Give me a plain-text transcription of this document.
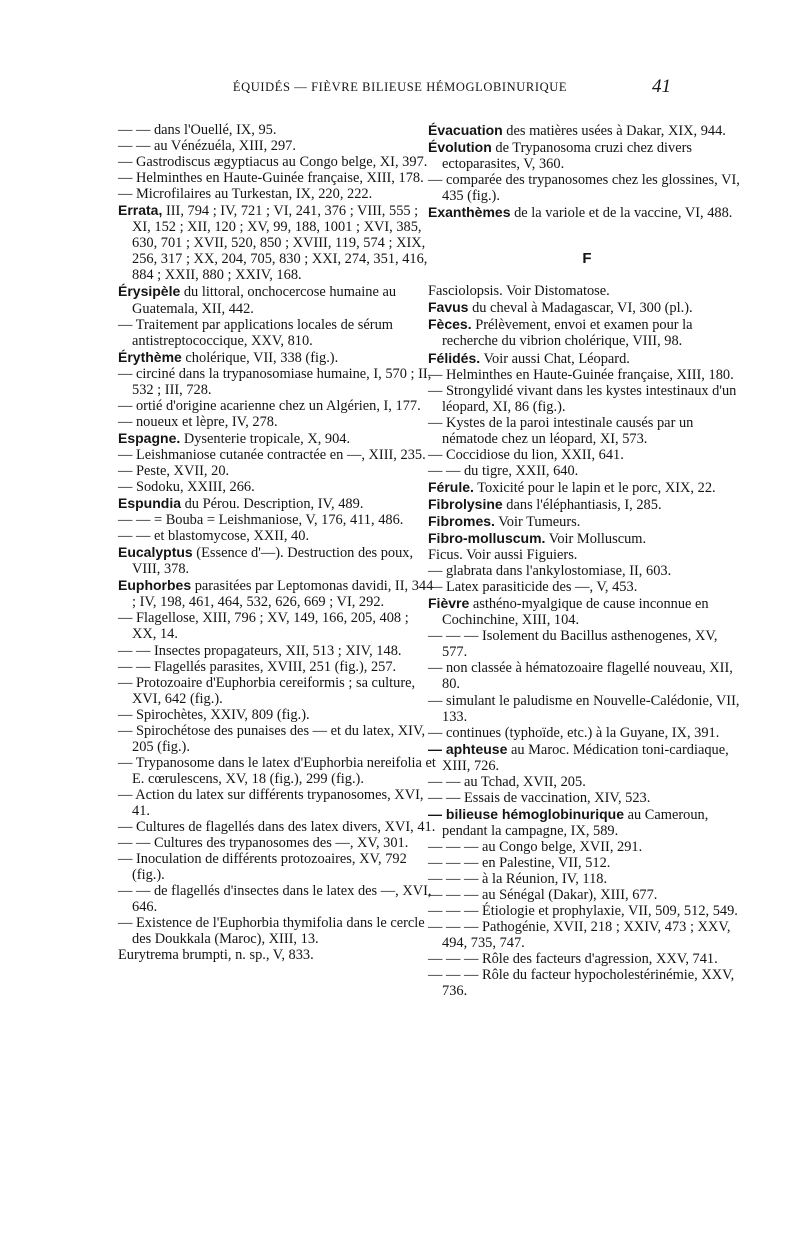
ÉQUIDÉS — FIÈVRE BILIEUSE HÉMOGLOBINURIQUE	41
— — dans l'Ouellé, IX, 95.
— — au Vénézuéla, XIII, 297.
— Gastrodiscus ægyptiacus au Congo belge, XI, 397.
— Helminthes en Haute-Guinée française, XIII, 178.
— Microfilaires au Turkestan, IX, 220, 222.
Errata, III, 794 ; IV, 721 ; VI, 241, 376 ; VIII, 555 ; XI, 152 ; XII, 120 ; XV, 99, 188, 1001 ; XVI, 385, 630, 701 ; XVII, 520, 850 ; XVIII, 119, 574 ; XIX, 256, 317 ; XX, 204, 705, 830 ; XXI, 274, 351, 416, 884 ; XXII, 880 ; XXIV, 168.
Érysipèle du littoral, onchocercose humaine au Guatemala, XII, 442.
— Traitement par applications locales de sérum antistreptococcique, XXV, 810.
Érythème cholérique, VII, 338 (fig.).
— circiné dans la trypanosomiase humaine, I, 570 ; II, 532 ; III, 728.
— ortié d'origine acarienne chez un Algérien, I, 177.
— noueux et lèpre, IV, 278.
Espagne. Dysenterie tropicale, X, 904.
— Leishmaniose cutanée contractée en —, XIII, 235.
— Peste, XVII, 20.
— Sodoku, XXIII, 266.
Espundia du Pérou. Description, IV, 489.
— — = Bouba = Leishmaniose, V, 176, 411, 486.
— — et blastomycose, XXII, 40.
Eucalyptus (Essence d'—). Destruction des poux, VIII, 378.
Euphorbes parasitées par Leptomonas davidi, II, 344 ; IV, 198, 461, 464, 532, 626, 669 ; VI, 292.
— Flagellose, XIII, 796 ; XV, 149, 166, 205, 408 ; XX, 14.
— — Insectes propagateurs, XII, 513 ; XIV, 148.
— — Flagellés parasites, XVIII, 251 (fig.), 257.
— Protozoaire d'Euphorbia cereiformis ; sa culture, XVI, 642 (fig.).
— Spirochètes, XXIV, 809 (fig.).
— Spirochétose des punaises des — et du latex, XIV, 205 (fig.).
— Trypanosome dans le latex d'Euphorbia nereifolia et E. cœrulescens, XV, 18 (fig.), 299 (fig.).
— Action du latex sur différents trypanosomes, XVI, 41.
— Cultures de flagellés dans des latex divers, XVI, 41.
— — Cultures des trypanosomes des —, XV, 301.
— Inoculation de différents protozoaires, XV, 792 (fig.).
— — de flagellés d'insectes dans le latex des —, XVI, 646.
— Existence de l'Euphorbia thymifolia dans le cercle des Doukkala (Maroc), XIII, 13.
Eurytrema brumpti, n. sp., V, 833.
Évacuation des matières usées à Dakar, XIX, 944.
Évolution de Trypanosoma cruzi chez divers ectoparasites, V, 360.
— comparée des trypanosomes chez les glossines, VI, 435 (fig.).
Exanthèmes de la variole et de la vaccine, VI, 488.
F
Fasciolopsis. Voir Distomatose.
Favus du cheval à Madagascar, VI, 300 (pl.).
Fèces. Prélèvement, envoi et examen pour la recherche du vibrion cholérique, VIII, 98.
Félidés. Voir aussi Chat, Léopard.
— Helminthes en Haute-Guinée française, XIII, 180.
— Strongylidé vivant dans les kystes intestinaux d'un léopard, XI, 86 (fig.).
— Kystes de la paroi intestinale causés par un nématode chez un léopard, XI, 573.
— Coccidiose du lion, XXII, 641.
— — du tigre, XXII, 640.
Férule. Toxicité pour le lapin et le porc, XIX, 22.
Fibrolysine dans l'éléphantiasis, I, 285.
Fibromes. Voir Tumeurs.
Fibro-molluscum. Voir Molluscum.
Ficus. Voir aussi Figuiers.
— glabrata dans l'ankylostomiase, II, 603.
— Latex parasiticide des —, V, 453.
Fièvre asthéno-myalgique de cause inconnue en Cochinchine, XIII, 104.
— — — Isolement du Bacillus asthenogenes, XV, 577.
— non classée à hématozoaire flagellé nouveau, XII, 80.
— simulant le paludisme en Nouvelle-Calédonie, VII, 133.
— continues (typhoïde, etc.) à la Guyane, IX, 391.
— aphteuse au Maroc. Médication toni-cardiaque, XIII, 726.
— — au Tchad, XVII, 205.
— — Essais de vaccination, XIV, 523.
— bilieuse hémoglobinurique au Cameroun, pendant la campagne, IX, 589.
— — — au Congo belge, XVII, 291.
— — — en Palestine, VII, 512.
— — — à la Réunion, IV, 118.
— — — au Sénégal (Dakar), XIII, 677.
— — — Étiologie et prophylaxie, VII, 509, 512, 549.
— — — Pathogénie, XVII, 218 ; XXIV, 473 ; XXV, 494, 735, 747.
— — — Rôle des facteurs d'agression, XXV, 741.
— — — Rôle du facteur hypocholestérinémie, XXV, 736.
